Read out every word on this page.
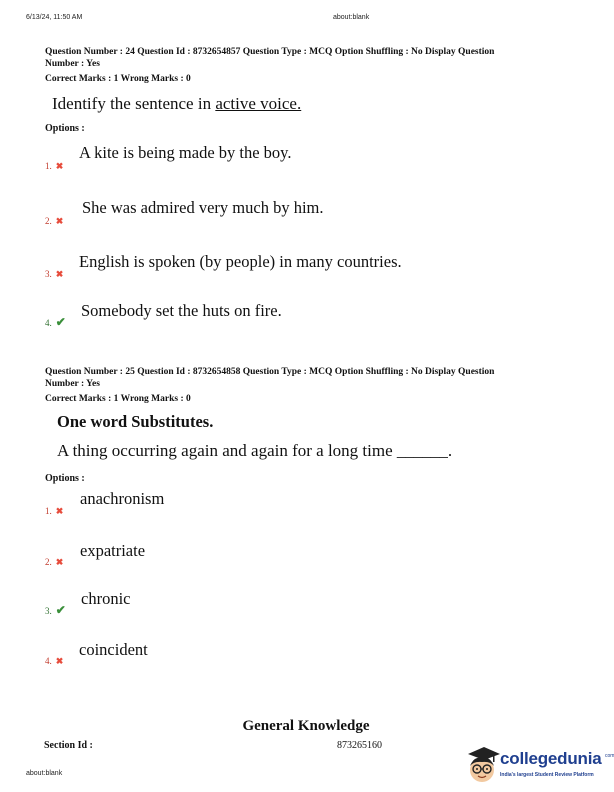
6/13/24, 11:50 AM	about:blank
Question Number : 24 Question Id : 8732654857 Question Type : MCQ Option Shuffling : No Display Question
Number : Yes
Correct Marks : 1 Wrong Marks : 0
Identify the sentence in active voice.
Options :
A kite is being made by the boy.
1. ✖
She was admired very much by him.
2. ✖
English is spoken (by people) in many countries.
3. ✖
Somebody set the huts on fire.
4. ✔
Question Number : 25 Question Id : 8732654858 Question Type : MCQ Option Shuffling : No Display Question
Number : Yes
Correct Marks : 1 Wrong Marks : 0
One word Substitutes.
A thing occurring again and again for a long time ______.
Options :
anachronism
1. ✖
expatriate
2. ✖
chronic
3. ✔
coincident
4. ✖
General Knowledge
Section Id :	873265160
about:blank
collegedunia com
India's largest Student Review Platform
